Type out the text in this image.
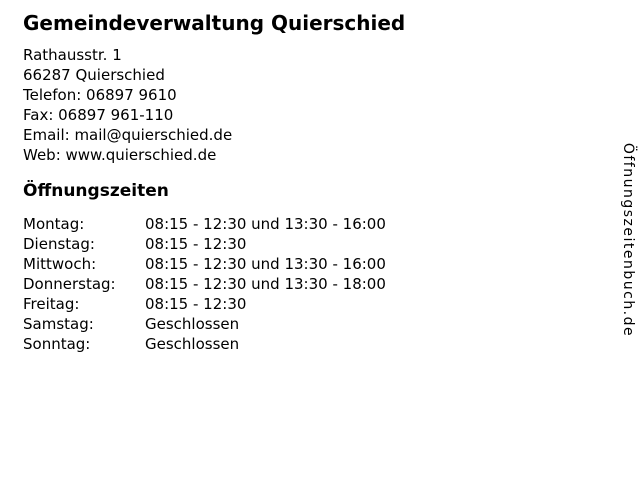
Gemeindeverwaltung Quierschied
Rathausstr. 1
66287 Quierschied
Telefon: 06897 9610
Fax: 06897 961-110
Email: mail@quierschied.de
Web: www.quierschied.de
Öffnungszeiten
Montag:	08:15 - 12:30 und 13:30 - 16:00
Dienstag:	08:15 - 12:30
Mittwoch:	08:15 - 12:30 und 13:30 - 16:00
Donnerstag: 08:15 - 12:30 und 13:30 - 18:00
Freitag:	08:15 - 12:30
Samstag:	Geschlossen
Sonntag:	Geschlossen
Öffnungszeitenbuch.de
